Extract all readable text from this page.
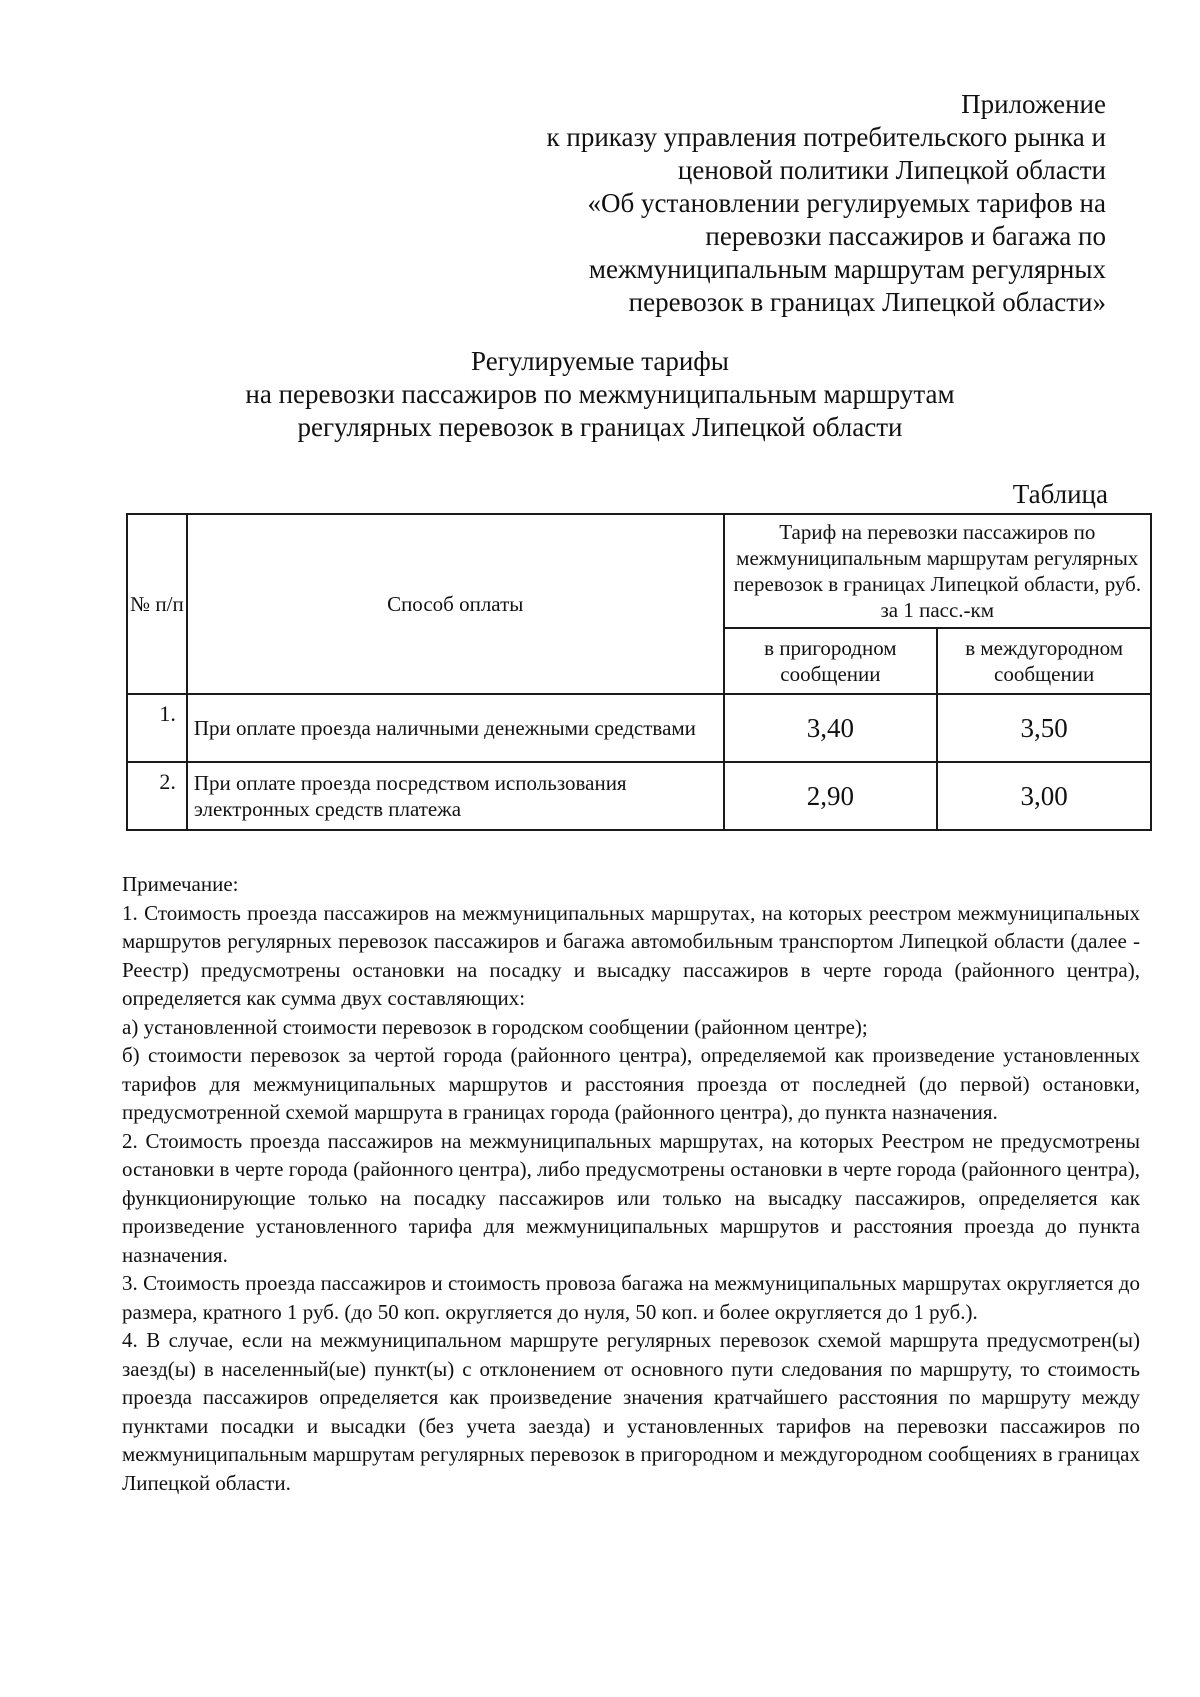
Приложение
к приказу управления потребительского рынка и
ценовой политики Липецкой области
«Об установлении регулируемых тарифов на
перевозки пассажиров и багажа по
межмуниципальным маршрутам регулярных
перевозок в границах Липецкой области»
Регулируемые тарифы
на перевозки пассажиров по межмуниципальным маршрутам
регулярных перевозок в границах Липецкой области
Таблица
№ п/п	Способ оплаты	Тариф на перевозки пассажиров по межмуниципальным маршрутам регулярных перевозок в границах Липецкой области, руб. за 1 пасс.-км	
		в пригородном сообщении	в междугородном сообщении
1.	При оплате проезда наличными денежными средствами	3,40	3,50
2.	При оплате проезда посредством использования электронных средств платежа	2,90	3,00

Примечание:

1. Стоимость проезда пассажиров на межмуниципальных маршрутах, на которых реестром межмуниципальных маршрутов регулярных перевозок пассажиров и багажа автомобильным транспортом Липецкой области (далее - Реестр) предусмотрены остановки на посадку и высадку пассажиров в черте города (районного центра), определяется как сумма двух составляющих:

а) установленной стоимости перевозок в городском сообщении (районном центре);

б) стоимости перевозок за чертой города (районного центра), определяемой как произведение установленных тарифов для межмуниципальных маршрутов и расстояния проезда от последней (до первой) остановки, предусмотренной схемой маршрута в границах города (районного центра), до пункта назначения.

2. Стоимость проезда пассажиров на межмуниципальных маршрутах, на которых Реестром не предусмотрены остановки в черте города (районного центра), либо предусмотрены остановки в черте города (районного центра), функционирующие только на посадку пассажиров или только на высадку пассажиров, определяется как произведение установленного тарифа для межмуниципальных маршрутов и расстояния проезда до пункта назначения.

3. Стоимость проезда пассажиров и стоимость провоза багажа на межмуниципальных маршрутах округляется до размера, кратного 1 руб. (до 50 коп. округляется до нуля, 50 коп. и более округляется до 1 руб.).

4. В случае, если на межмуниципальном маршруте регулярных перевозок схемой маршрута предусмотрен(ы) заезд(ы) в населенный(ые) пункт(ы) с отклонением от основного пути следования по маршруту, то стоимость проезда пассажиров определяется как произведение значения кратчайшего расстояния по маршруту между пунктами посадки и высадки (без учета заезда) и установленных тарифов на перевозки пассажиров по межмуниципальным маршрутам регулярных перевозок в пригородном и междугородном сообщениях в границах Липецкой области.
